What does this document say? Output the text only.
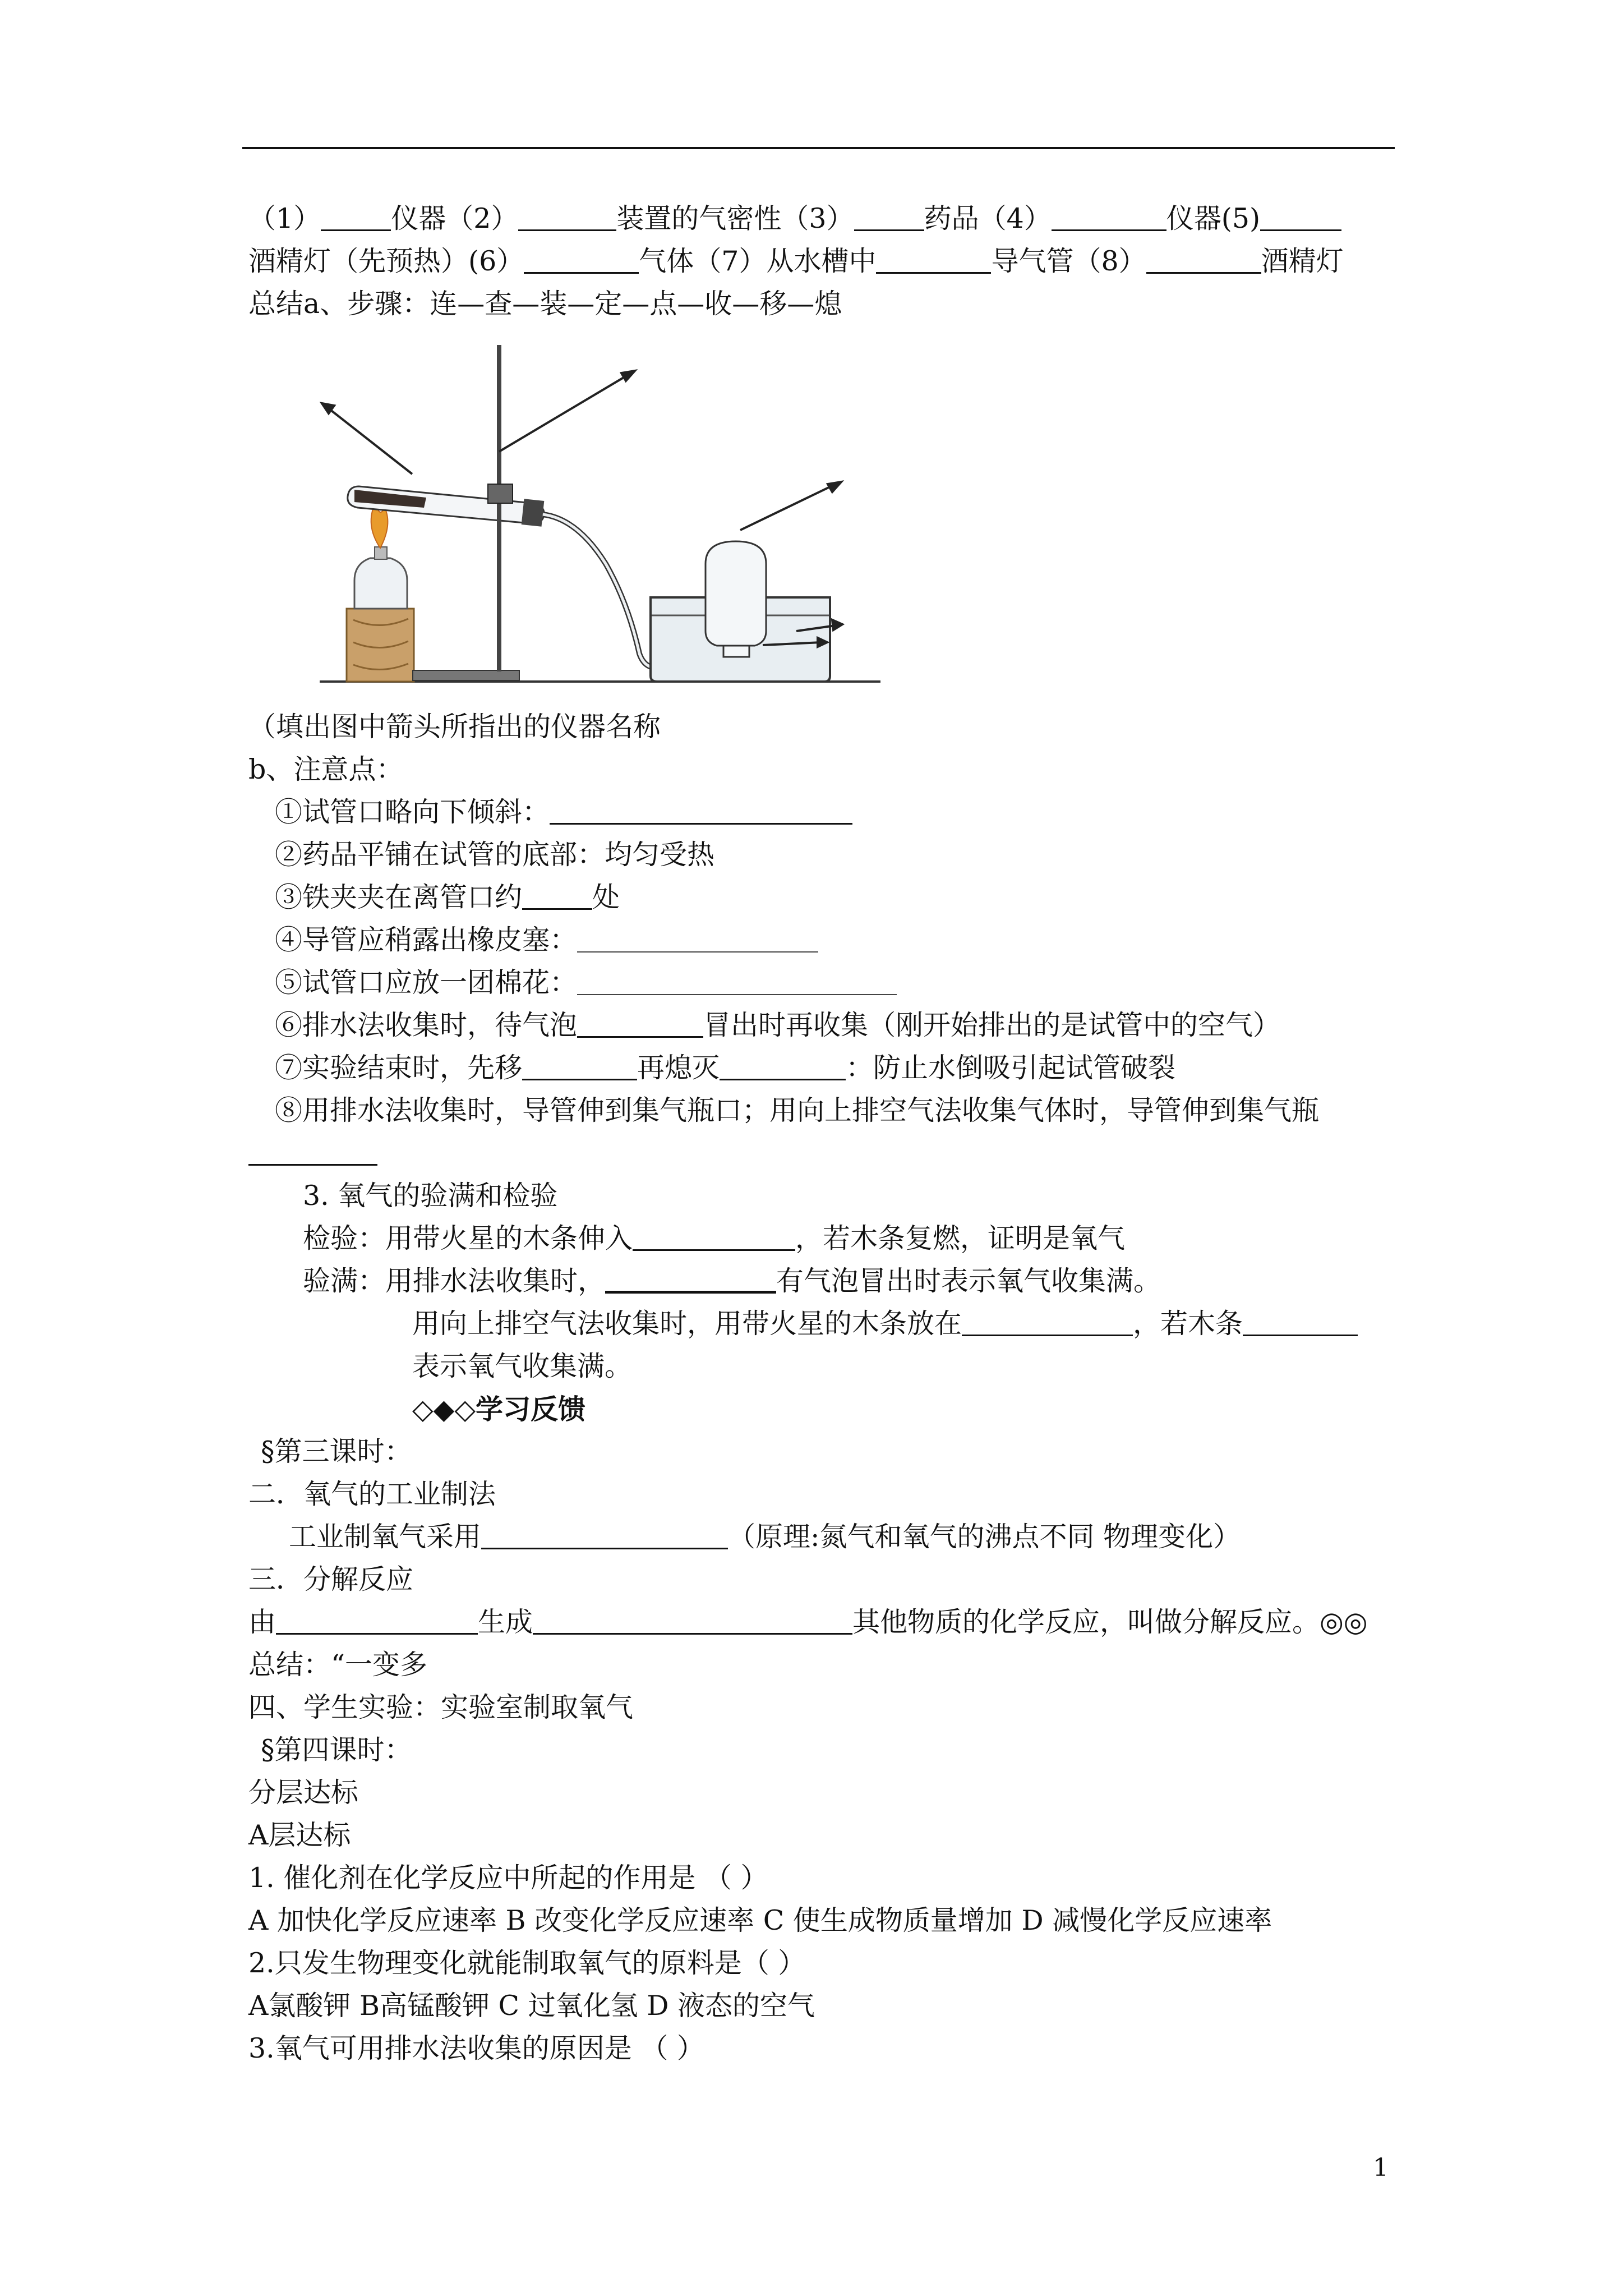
（1）	仪器（2）	装置的气密性（3）	药品（4）	仪器(5)
酒精灯（先预热）(6）	气体（7）从水槽中	导气管（8）	酒精灯
总结a、步骤：连—查—装—定—点—收—移—熄
（填出图中箭头所指出的仪器名称
b、注意点：
①试管口略向下倾斜：
②药品平铺在试管的底部：均匀受热
③铁夹夹在离管口约	处
④导管应稍露出橡皮塞：
⑤试管口应放一团棉花：
⑥排水法收集时，待气泡	冒出时再收集（刚开始排出的是试管中的空气）
⑦实验结束时，先移	再熄灭	：防止水倒吸引起试管破裂
⑧用排水法收集时，导管伸到集气瓶口；用向上排空气法收集气体时，导管伸到集气瓶
3. 氧气的验满和检验
检验：用带火星的木条伸入	，若木条复燃，证明是氧气
验满：用排水法收集时，	有气泡冒出时表示氧气收集满。
用向上排空气法收集时，用带火星的木条放在	，若木条
表示氧气收集满。
◇◆◇学习反馈
§第三课时：
二．氧气的工业制法
工业制氧气采用	（原理:氮气和氧气的沸点不同 物理变化）
三．分解反应
由	生成	其他物质的化学反应，叫做分解反应。◎◎
总结：“一变多
四、学生实验：实验室制取氧气
§第四课时：
分层达标
A层达标
1. 催化剂在化学反应中所起的作用是 （ ）
A 加快化学反应速率 B 改变化学反应速率 C 使生成物质量增加 D 减慢化学反应速率
2.只发生物理变化就能制取氧气的原料是（ ）
A氯酸钾 B高锰酸钾 C 过氧化氢 D 液态的空气
3.氧气可用排水法收集的原因是 （ ）
1
